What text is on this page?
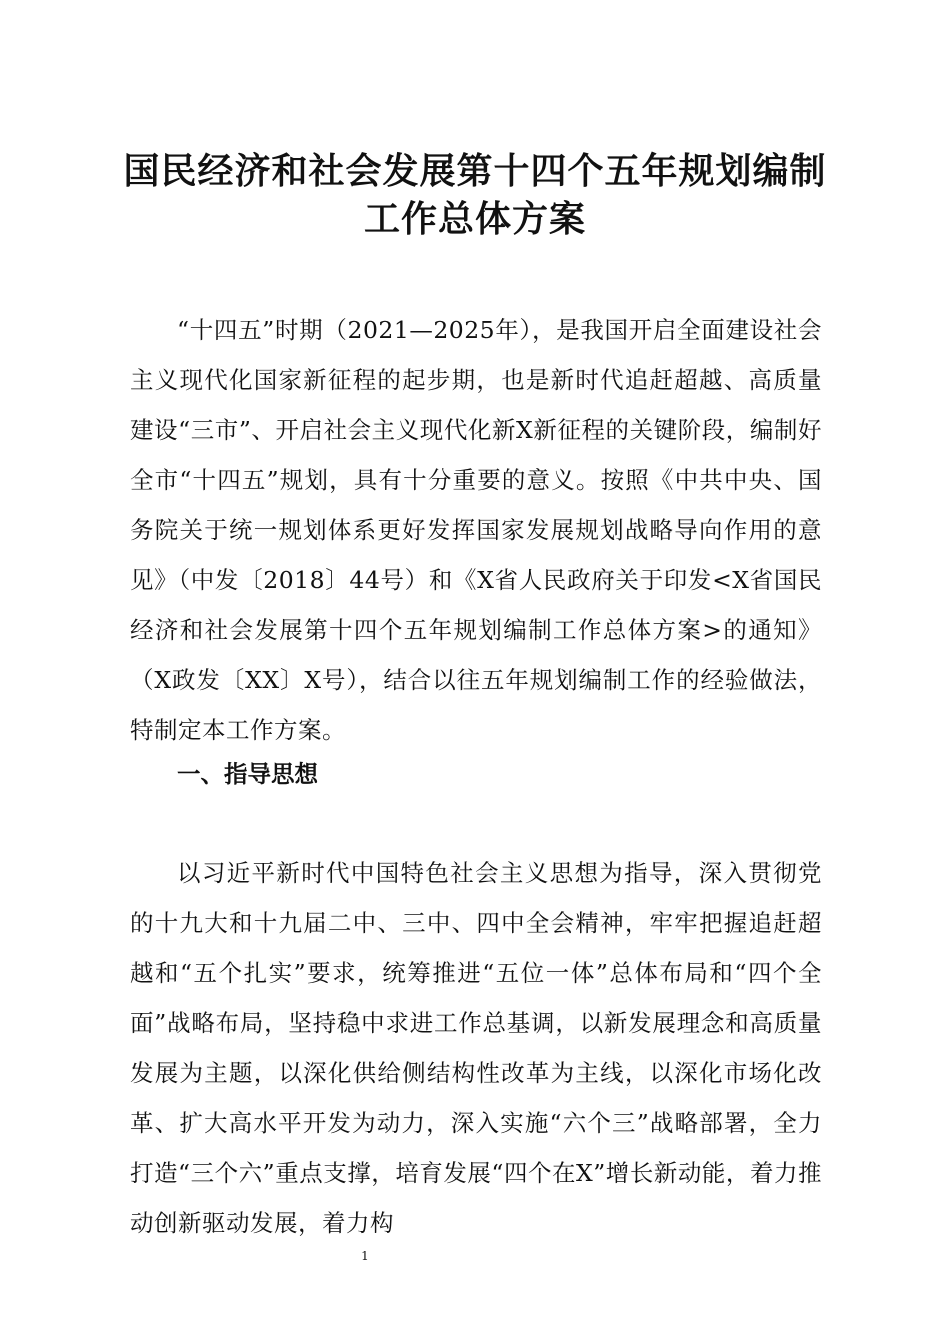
国民经济和社会发展第十四个五年规划编制
工作总体方案

“十四五”时期（2021—2025年），是我国开启全面建设社会主义现代化国家新征程的起步期，也是新时代追赶超越、高质量建设“三市”、开启社会主义现代化新X新征程的关键阶段，编制好全市“十四五”规划，具有十分重要的意义。按照《中共中央、国务院关于统一规划体系更好发挥国家发展规划战略导向作用的意见》（中发〔2018〕44号）和《X省人民政府关于印发<X省国民经济和社会发展第十四个五年规划编制工作总体方案>的通知》（X政发〔XX〕X号），结合以往五年规划编制工作的经验做法，特制定本工作方案。

一、指导思想

以习近平新时代中国特色社会主义思想为指导，深入贯彻党的十九大和十九届二中、三中、四中全会精神，牢牢把握追赶超越和“五个扎实”要求，统筹推进“五位一体”总体布局和“四个全面”战略布局，坚持稳中求进工作总基调，以新发展理念和高质量发展为主题，以深化供给侧结构性改革为主线，以深化市场化改革、扩大高水平开发为动力，深入实施“六个三”战略部署，全力打造“三个六”重点支撑，培育发展“四个在X”增长新动能，着力推动创新驱动发展，着力构

1
